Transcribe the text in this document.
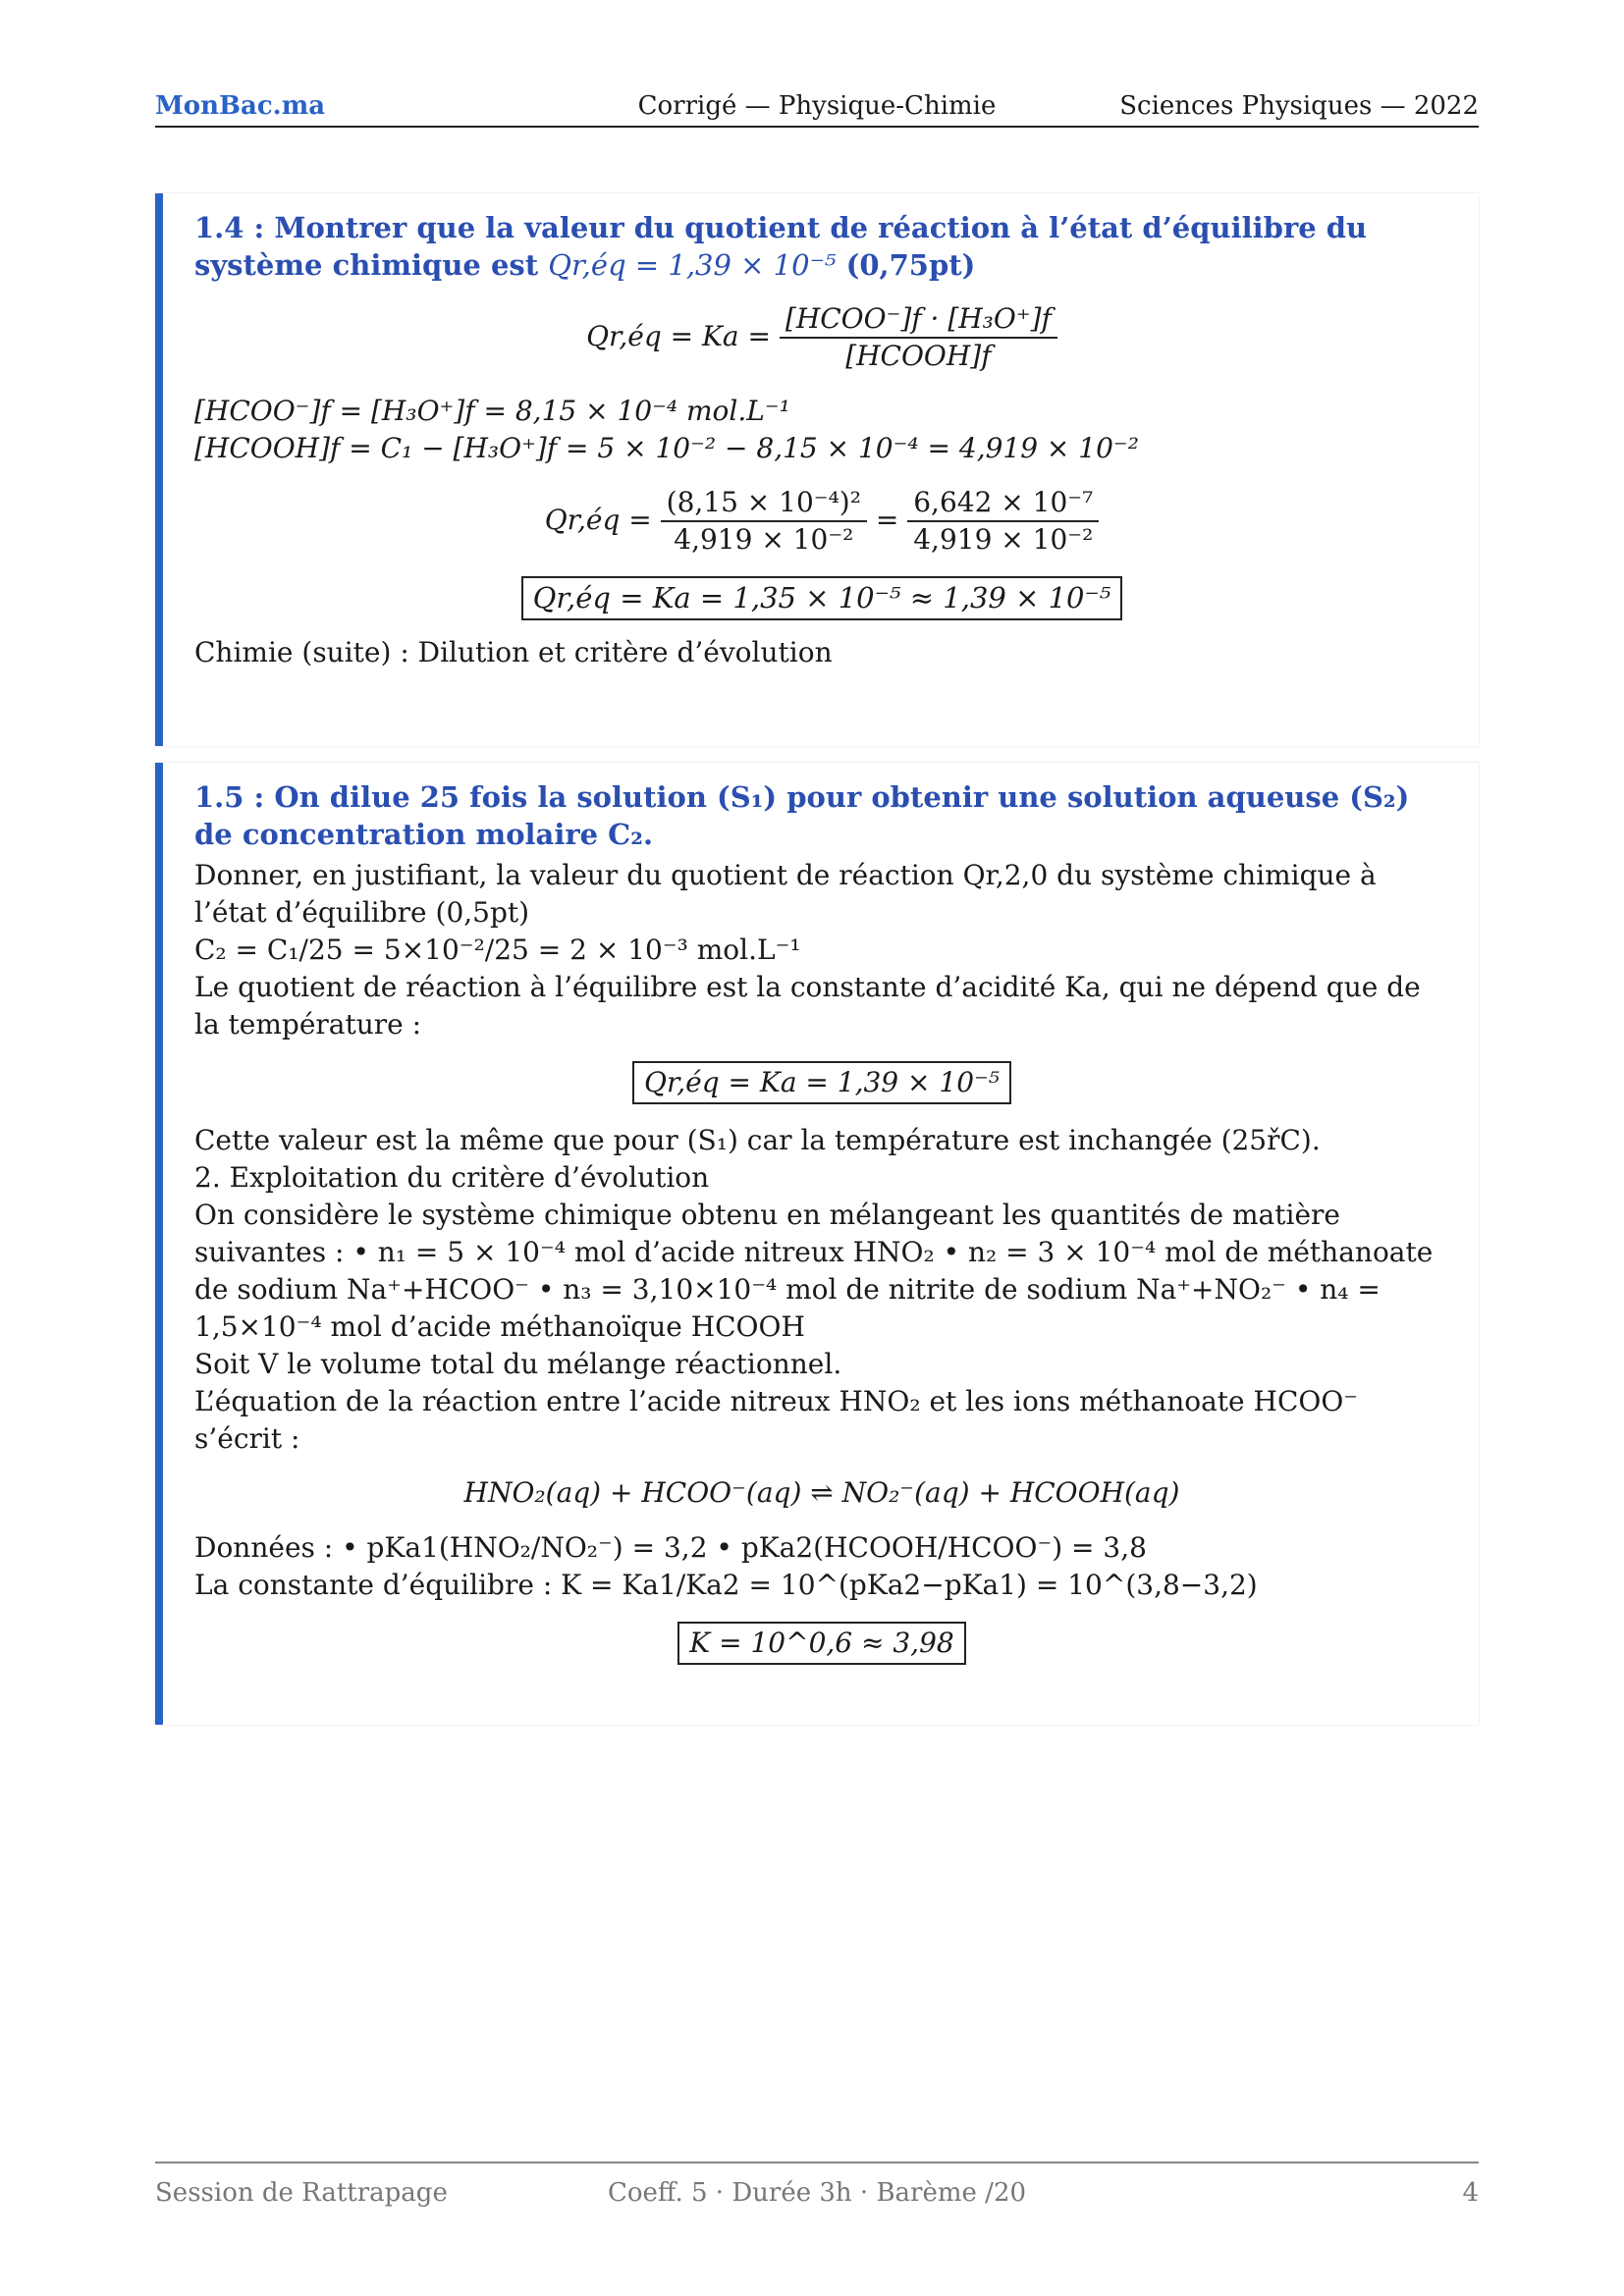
MonBac.ma	Corrigé — Physique-Chimie	Sciences Physiques — 2022

1.4 : Montrer que la valeur du quotient de réaction à l’état d’équilibre du système chimique est Qr,éq = 1,39 × 10⁻⁵ (0,75pt)

Qr,éq = $Ka = \frac{\text{[HCOO⁻]f · [H₃O⁺]f}}{\text{[HCOOH]f}}$

[HCOO⁻]f = [H₃O⁺]f = 8,15 × 10⁻⁴ mol.L⁻¹

[HCOOH]f = C₁ − [H₃O⁺]f = 5 × 10⁻² − 8,15 × 10⁻⁴ = 4,919 × 10⁻²

Qr,éq = $\frac{\text{(8,15 × 10⁻⁴)²}}{\text{4,919 × 10⁻²}} = \frac{\text{6,642 × 10⁻⁷}}{\text{4,919 × 10⁻²}}$
Qr,éq = Ka = 1,35 × 10⁻⁵ ≈ 1,39 × 10⁻⁵

Chimie (suite) : Dilution et critère d’évolution

1.5 : On dilue 25 fois la solution (S₁) pour obtenir une solution aqueuse (S₂) de concentration molaire C₂.

Donner, en justifiant, la valeur du quotient de réaction Qr,2,0 du système chimique à l’état d’équilibre (0,5pt)

C₂ = C₁/25 = 5×10⁻²/25 = 2 × 10⁻³ mol.L⁻¹

Le quotient de réaction à l’équilibre est la constante d’acidité Ka, qui ne dépend que de la température :

Qr,éq = Ka = 1,39 × 10⁻⁵

Cette valeur est la même que pour (S₁) car la température est inchangée (25řC).

2. Exploitation du critère d’évolution

On considère le système chimique obtenu en mélangeant les quantités de matière suivantes : • n₁ = 5 × 10⁻⁴ mol d’acide nitreux HNO₂ • n₂ = 3 × 10⁻⁴ mol de méthanoate de sodium Na⁺+HCOO⁻ • n₃ = 3,10×10⁻⁴ mol de nitrite de sodium Na⁺+NO₂⁻ • n₄ = 1,5×10⁻⁴ mol d’acide méthanoïque HCOOH

Soit V le volume total du mélange réactionnel.

L’équation de la réaction entre l’acide nitreux HNO₂ et les ions méthanoate HCOO⁻ s’écrit :

HNO₂(aq) + HCOO⁻(aq) ⇌ NO₂⁻(aq) + HCOOH(aq)

Données : • pKa1(HNO₂/NO₂⁻) = 3,2 • pKa2(HCOOH/HCOO⁻) = 3,8

La constante d’équilibre : K = Ka1/Ka2 = 10^(pKa2−pKa1) = 10^(3,8−3,2)

K = 10^0,6 ≈ 3,98
Session de Rattrapage	Coeff. 5 · Durée 3h · Barème /20	4
